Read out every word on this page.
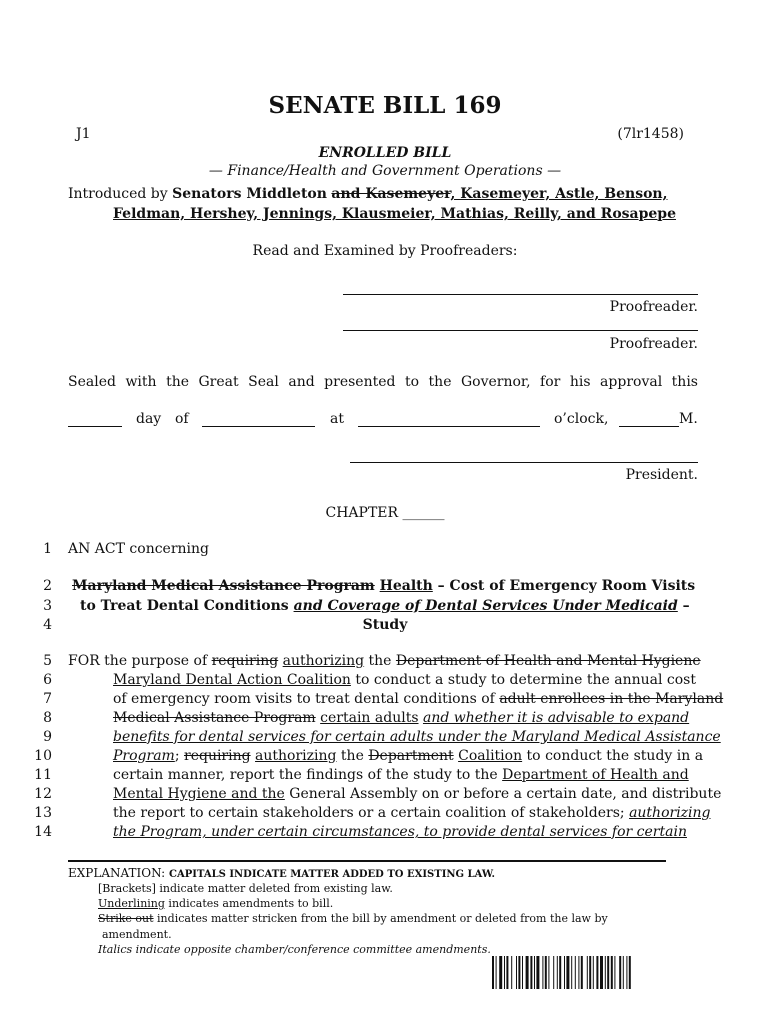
SENATE BILL 169
J1	(7lr1458)
ENROLLED BILL
— Finance/Health and Government Operations —
Introduced by Senators Middleton and Kasemeyer, Kasemeyer, Astle, Benson,
Feldman, Hershey, Jennings, Klausmeier, Mathias, Reilly, and Rosapepe
Read and Examined by Proofreaders:
Proofreader.
Proofreader.
Sealed with the Great Seal and presented to the Governor, for his approval this
day of	at	o’clock,	M.
President.
CHAPTER ______
1
2
3
4
5
6
7
8
9
10
11
12
13
14
AN ACT concerning
Maryland Medical Assistance Program Health – Cost of Emergency Room Visits
to Treat Dental Conditions and Coverage of Dental Services Under Medicaid –
Study
FOR the purpose of requiring authorizing the Department of Health and Mental Hygiene
Maryland Dental Action Coalition to conduct a study to determine the annual cost
of emergency room visits to treat dental conditions of adult enrollees in the Maryland
Medical Assistance Program certain adults and whether it is advisable to expand
benefits for dental services for certain adults under the Maryland Medical Assistance
Program; requiring authorizing the Department Coalition to conduct the study in a
certain manner, report the findings of the study to the Department of Health and
Mental Hygiene and the General Assembly on or before a certain date, and distribute
the report to certain stakeholders or a certain coalition of stakeholders; authorizing
the Program, under certain circumstances, to provide dental services for certain
EXPLANATION: CAPITALS INDICATE MATTER ADDED TO EXISTING LAW.
[Brackets] indicate matter deleted from existing law.
Underlining indicates amendments to bill.
Strike out indicates matter stricken from the bill by amendment or deleted from the law by
amendment.
Italics indicate opposite chamber/conference committee amendments.
